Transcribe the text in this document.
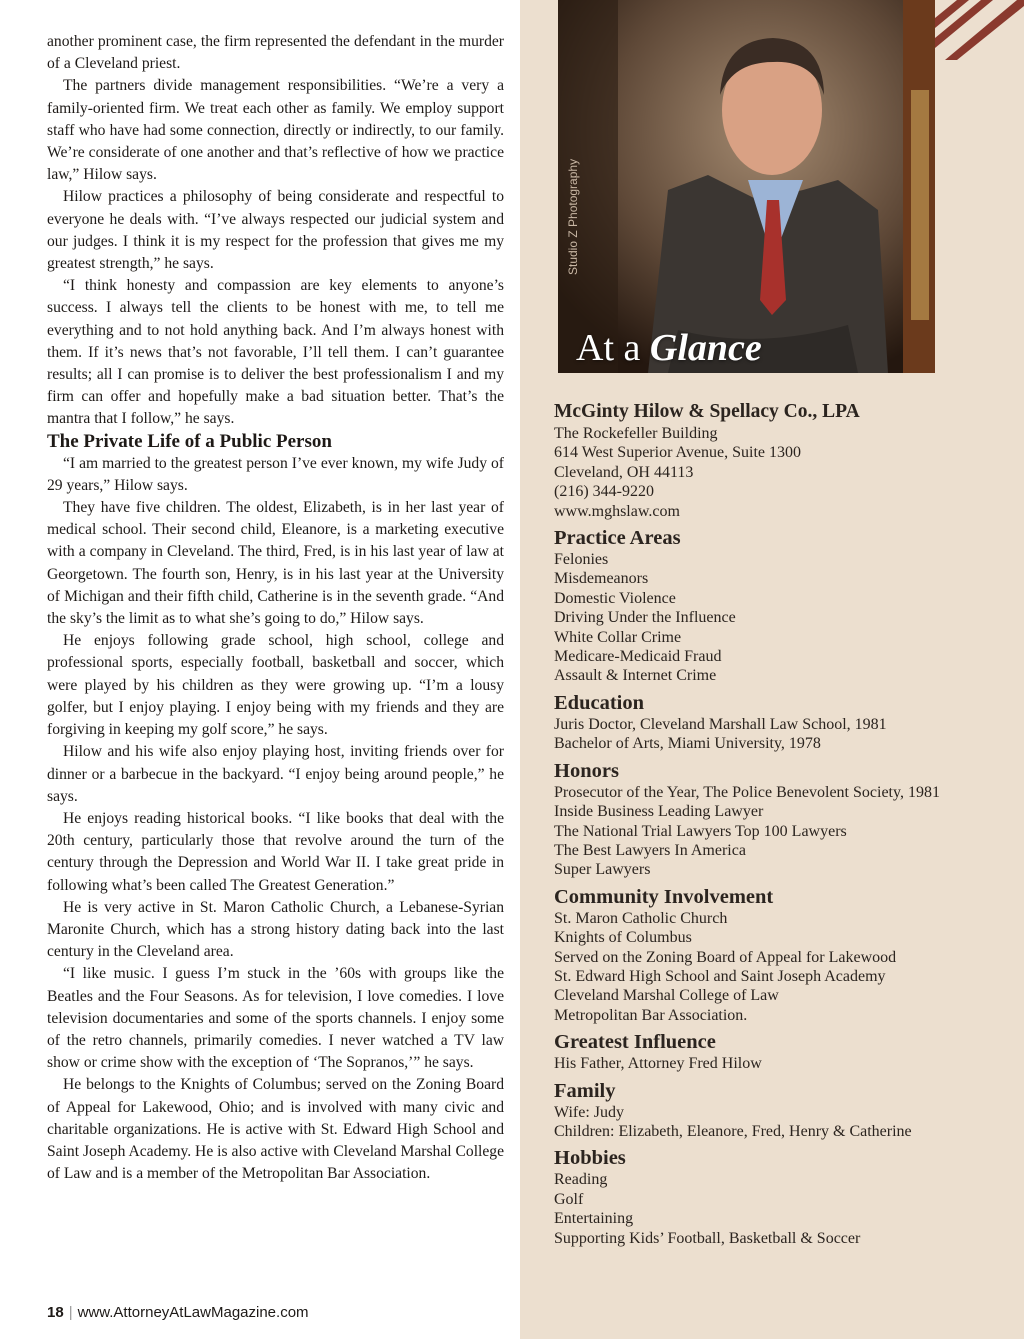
another prominent case, the firm represented the defendant in the murder of a Cleveland priest.

The partners divide management responsibilities. “We’re a very a family-oriented firm. We treat each other as family. We employ support staff who have had some connection, directly or indirectly, to our family. We’re considerate of one another and that’s reflective of how we practice law,” Hilow says.

Hilow practices a philosophy of being considerate and respectful to everyone he deals with. “I’ve always respected our judicial system and our judges. I think it is my respect for the profession that gives me my greatest strength,” he says.

“I think honesty and compassion are key elements to anyone’s success. I always tell the clients to be honest with me, to tell me everything and to not hold anything back. And I’m always honest with them. If it’s news that’s not favorable, I’ll tell them. I can’t guarantee results; all I can promise is to deliver the best professionalism I and my firm can offer and hopefully make a bad situation better. That’s the mantra that I follow,” he says.

The Private Life of a Public Person

“I am married to the greatest person I’ve ever known, my wife Judy of 29 years,” Hilow says.

They have five children. The oldest, Elizabeth, is in her last year of medical school. Their second child, Eleanore, is a marketing executive with a company in Cleveland. The third, Fred, is in his last year of law at Georgetown. The fourth son, Henry, is in his last year at the University of Michigan and their fifth child, Catherine is in the seventh grade. “And the sky’s the limit as to what she’s going to do,” Hilow says.

He enjoys following grade school, high school, college and professional sports, especially football, basketball and soccer, which were played by his children as they were growing up. “I’m a lousy golfer, but I enjoy playing. I enjoy being with my friends and they are forgiving in keeping my golf score,” he says.

Hilow and his wife also enjoy playing host, inviting friends over for dinner or a barbecue in the backyard. “I enjoy being around people,” he says.

He enjoys reading historical books. “I like books that deal with the 20th century, particularly those that revolve around the turn of the century through the Depression and World War II. I take great pride in following what’s been called The Greatest Generation.”

He is very active in St. Maron Catholic Church, a Lebanese-Syrian Maronite Church, which has a strong history dating back into the last century in the Cleveland area.

“I like music. I guess I’m stuck in the ’60s with groups like the Beatles and the Four Seasons. As for television, I love comedies. I love television documentaries and some of the sports channels. I enjoy some of the retro channels, primarily comedies. I never watched a TV law show or crime show with the exception of ‘The Sopranos,’” he says.

He belongs to the Knights of Columbus; served on the Zoning Board of Appeal for Lakewood, Ohio; and is involved with many civic and charitable organizations. He is active with St. Edward High School and Saint Joseph Academy. He is also active with Cleveland Marshal College of Law and is a member of the Metropolitan Bar Association.

18 | www.AttorneyAtLawMagazine.com
Studio Z Photography
At a Glance
McGinty Hilow & Spellacy Co., LPA
The Rockefeller Building
614 West Superior Avenue, Suite 1300
Cleveland, OH 44113
(216) 344-9220
www.mghslaw.com
Practice Areas
Felonies
Misdemeanors
Domestic Violence
Driving Under the Influence
White Collar Crime
Medicare-Medicaid Fraud
Assault & Internet Crime
Education
Juris Doctor, Cleveland Marshall Law School, 1981
Bachelor of Arts, Miami University, 1978
Honors
Prosecutor of the Year, The Police Benevolent Society, 1981
Inside Business Leading Lawyer
The National Trial Lawyers Top 100 Lawyers
The Best Lawyers In America
Super Lawyers
Community Involvement
St. Maron Catholic Church
Knights of Columbus
Served on the Zoning Board of Appeal for Lakewood
St. Edward High School and Saint Joseph Academy
Cleveland Marshal College of Law
Metropolitan Bar Association.
Greatest Influence
His Father, Attorney Fred Hilow
Family
Wife: Judy
Children: Elizabeth, Eleanore, Fred, Henry & Catherine
Hobbies
Reading
Golf
Entertaining
Supporting Kids’ Football, Basketball & Soccer
